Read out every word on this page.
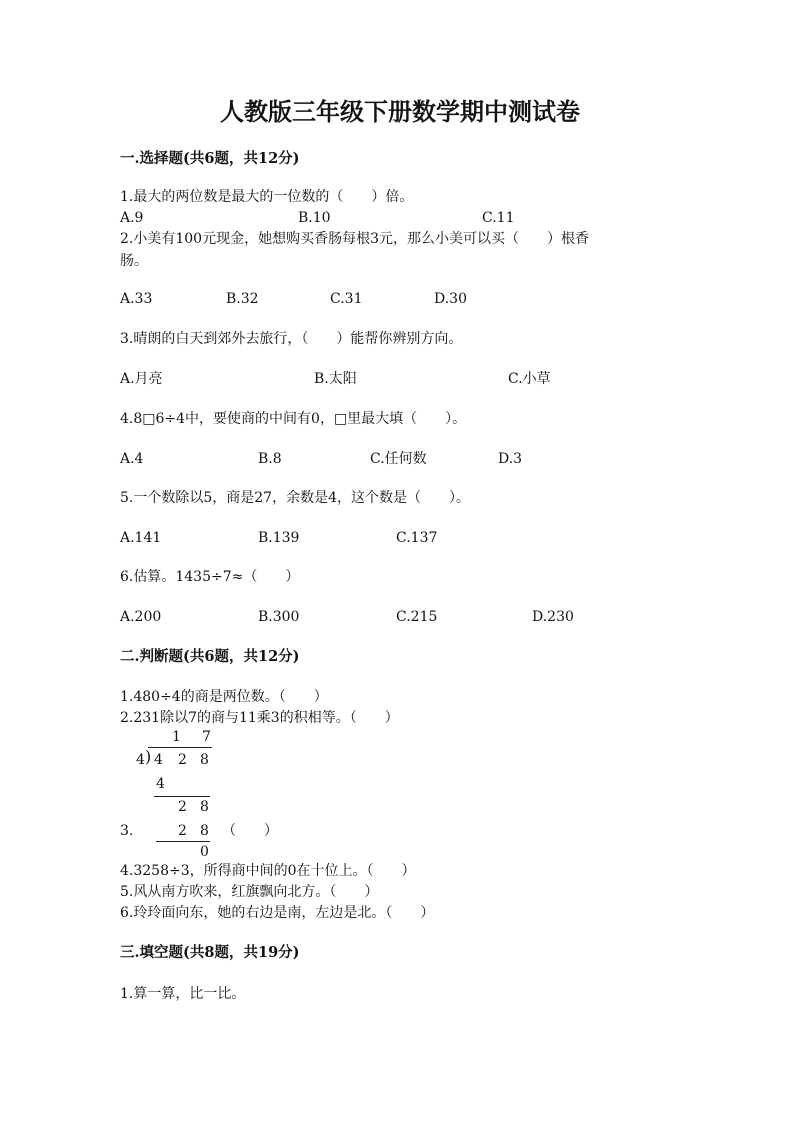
人教版三年级下册数学期中测试卷
一.选择题(共6题，共12分)
1.最大的两位数是最大的一位数的（　　）倍。
A.9	B.10	C.11
2.小美有100元现金，她想购买香肠每根3元，那么小美可以买（　　）根香
肠。
A.33	B.32	C.31	D.30
3.晴朗的白天到郊外去旅行，（　　）能帮你辨别方向。
A.月亮	B.太阳	C.小草
4.8□6÷4中，要使商的中间有0，□里最大填（　　）。
A.4	B.8	C.任何数	D.3
5.一个数除以5，商是27，余数是4，这个数是（　　）。
A.141	B.139	C.137
6.估算。1435÷7≈（　　）
A.200	B.300	C.215	D.230
二.判断题(共6题，共12分)
1.480÷4的商是两位数。（　　）
2.231除以7的商与11乘3的积相等。（　　）
1 7
4 ) 4 2 8
4
2 8
2 8
0
3.	（　　）
4.3258÷3，所得商中间的0在十位上。（　　）
5.风从南方吹来，红旗飘向北方。（　　）
6.玲玲面向东，她的右边是南，左边是北。（　　）
三.填空题(共8题，共19分)
1.算一算，比一比。
